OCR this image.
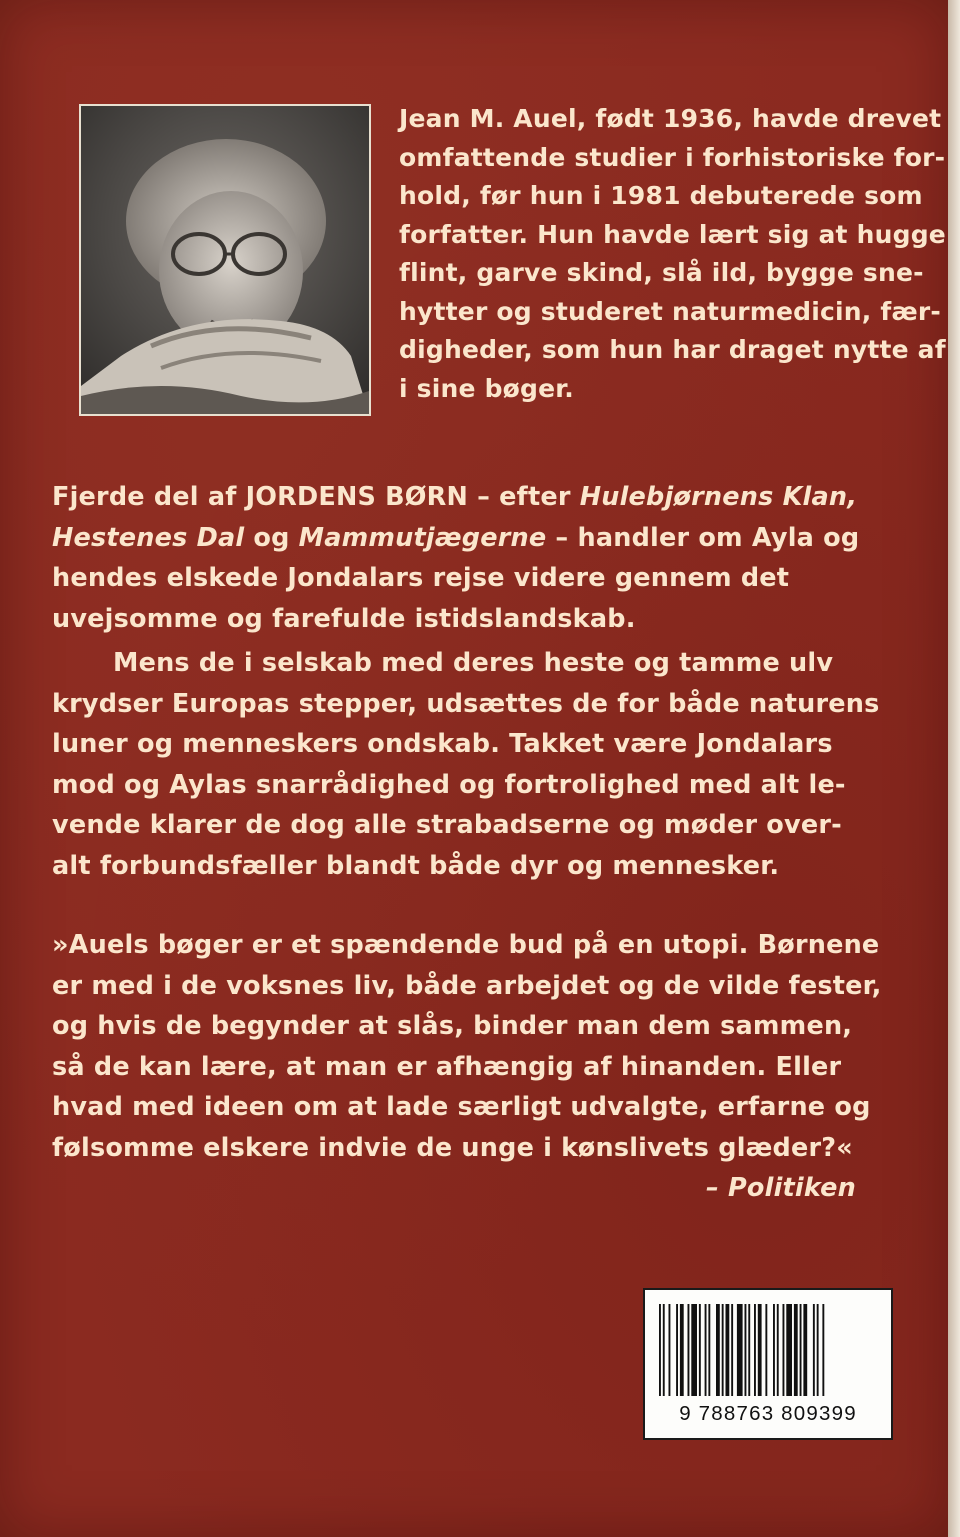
Jean M. Auel, født 1936, havde drevet
omfattende studier i forhistoriske for-
hold, før hun i 1981 debuterede som
forfatter. Hun havde lært sig at hugge
flint, garve skind, slå ild, bygge sne-
hytter og studeret naturmedicin, fær-
digheder, som hun har draget nytte af
i sine bøger.
Fjerde del af JORDENS BØRN – efter Hulebjørnens Klan,
Hestenes Dal og Mammutjægerne – handler om Ayla og
hendes elskede Jondalars rejse videre gennem det
uvejsomme og farefulde istidslandskab.
Mens de i selskab med deres heste og tamme ulv
krydser Europas stepper, udsættes de for både naturens
luner og menneskers ondskab. Takket være Jondalars
mod og Aylas snarrådighed og fortrolighed med alt le-
vende klarer de dog alle strabadserne og møder over-
alt forbundsfæller blandt både dyr og mennesker.
»Auels bøger er et spændende bud på en utopi. Børnene
er med i de voksnes liv, både arbejdet og de vilde fester,
og hvis de begynder at slås, binder man dem sammen,
så de kan lære, at man er afhængig af hinanden. Eller
hvad med ideen om at lade særligt udvalgte, erfarne og
følsomme elskere indvie de unge i kønslivets glæder?«
– Politiken
9 788763 809399
